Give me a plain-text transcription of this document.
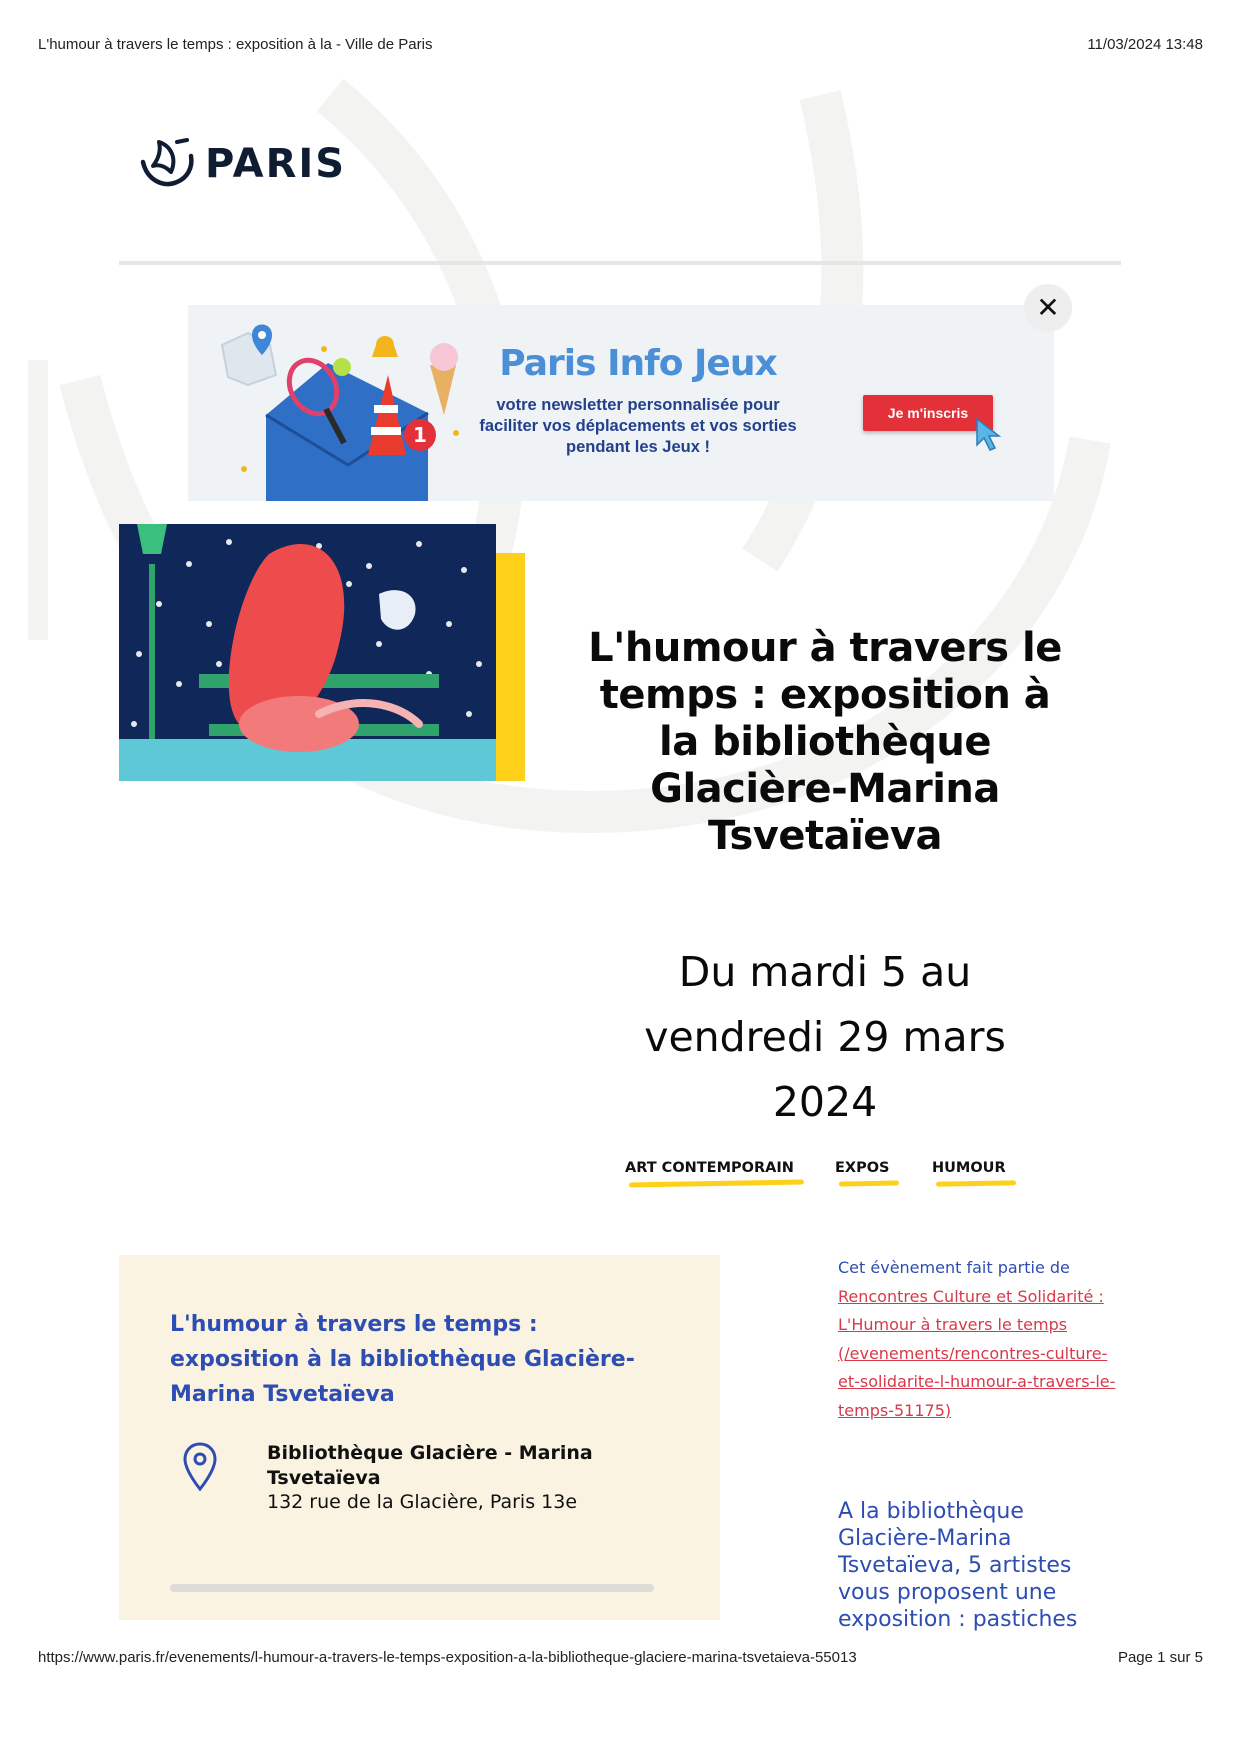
L'humour à travers le temps : exposition à la - Ville de Paris	11/03/2024 13:48
PARIS
1
Paris Info Jeux
votre newsletter personnalisée pour faciliter vos déplacements et vos sorties pendant les Jeux !
Je m'inscris
✕
L'humour à travers le temps : exposition à la bibliothèque Glacière-Marina Tsvetaïeva
Du mardi 5 au vendredi 29 mars 2024
ART CONTEMPORAIN	EXPOS	HUMOUR
L'humour à travers le temps : exposition à la bibliothèque Glacière-Marina Tsvetaïeva
Bibliothèque Glacière - Marina Tsvetaïeva
132 rue de la Glacière, Paris 13e
Cet évènement fait partie de
Rencontres Culture et Solidarité : L'Humour à travers le temps (/evenements/rencontres-culture-et-solidarite-l-humour-a-travers-le-temps-51175)
A la bibliothèque Glacière-Marina Tsvetaïeva, 5 artistes vous proposent une exposition : pastiches
https://www.paris.fr/evenements/l-humour-a-travers-le-temps-exposition-a-la-bibliotheque-glaciere-marina-tsvetaieva-55013	Page 1 sur 5
